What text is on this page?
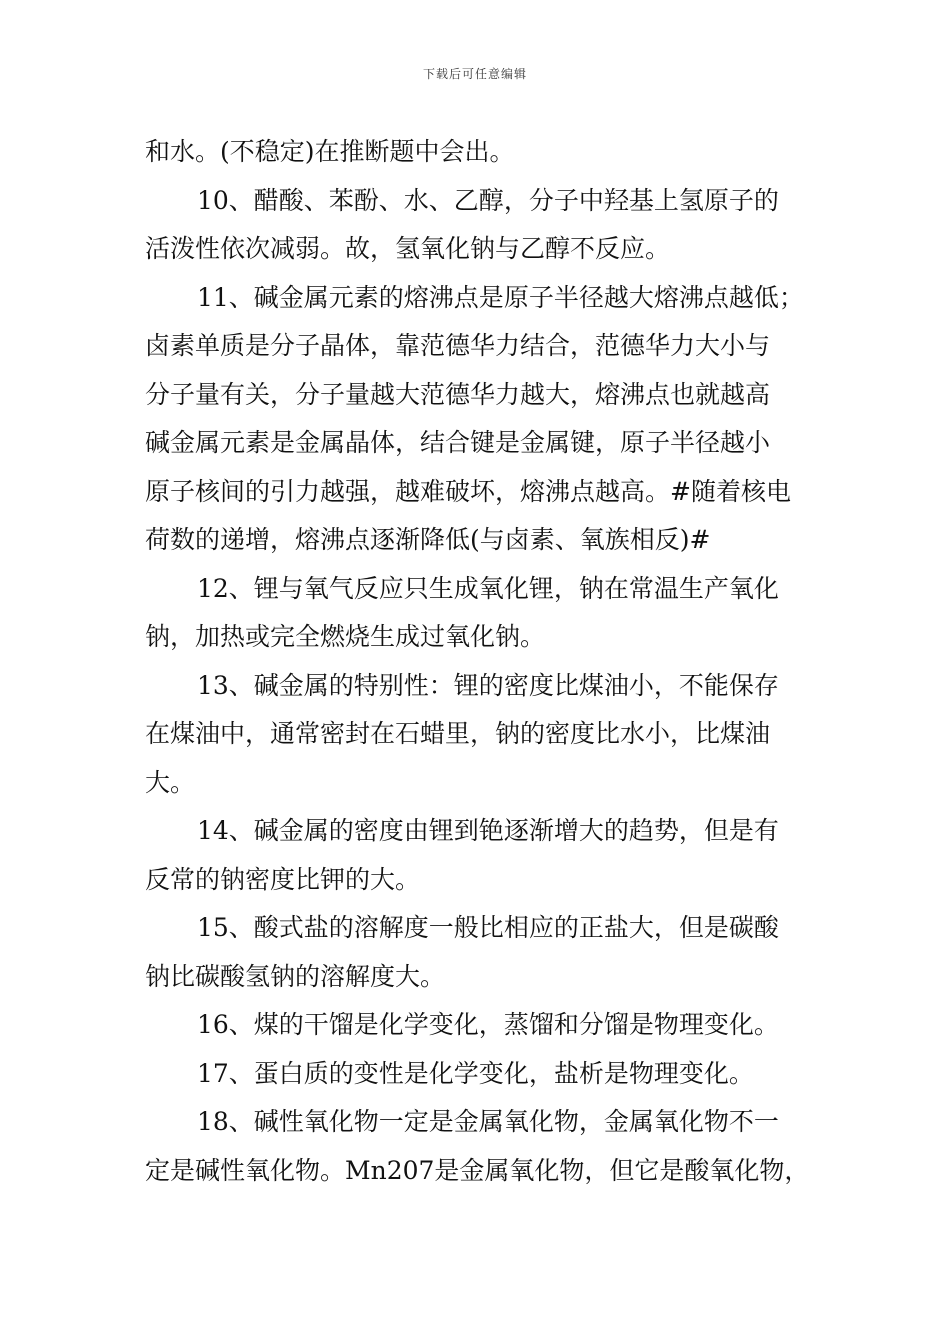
下载后可任意编辑
和水。(不稳定)在推断题中会出。
10、醋酸、苯酚、水、乙醇，分子中羟基上氢原子的
活泼性依次减弱。故，氢氧化钠与乙醇不反应。
11、碱金属元素的熔沸点是原子半径越大熔沸点越低；
卤素单质是分子晶体，靠范德华力结合，范德华力大小与
分子量有关，分子量越大范德华力越大，熔沸点也就越高
碱金属元素是金属晶体，结合键是金属键，原子半径越小
原子核间的引力越强，越难破坏，熔沸点越高。#随着核电
荷数的递增，熔沸点逐渐降低(与卤素、氧族相反)#
12、锂与氧气反应只生成氧化锂，钠在常温生产氧化
钠，加热或完全燃烧生成过氧化钠。
13、碱金属的特别性：锂的密度比煤油小，不能保存
在煤油中，通常密封在石蜡里，钠的密度比水小，比煤油
大。
14、碱金属的密度由锂到铯逐渐增大的趋势，但是有
反常的钠密度比钾的大。
15、酸式盐的溶解度一般比相应的正盐大，但是碳酸
钠比碳酸氢钠的溶解度大。
16、煤的干馏是化学变化，蒸馏和分馏是物理变化。
17、蛋白质的变性是化学变化，盐析是物理变化。
18、碱性氧化物一定是金属氧化物，金属氧化物不一
定是碱性氧化物。Mn207是金属氧化物，但它是酸氧化物，
